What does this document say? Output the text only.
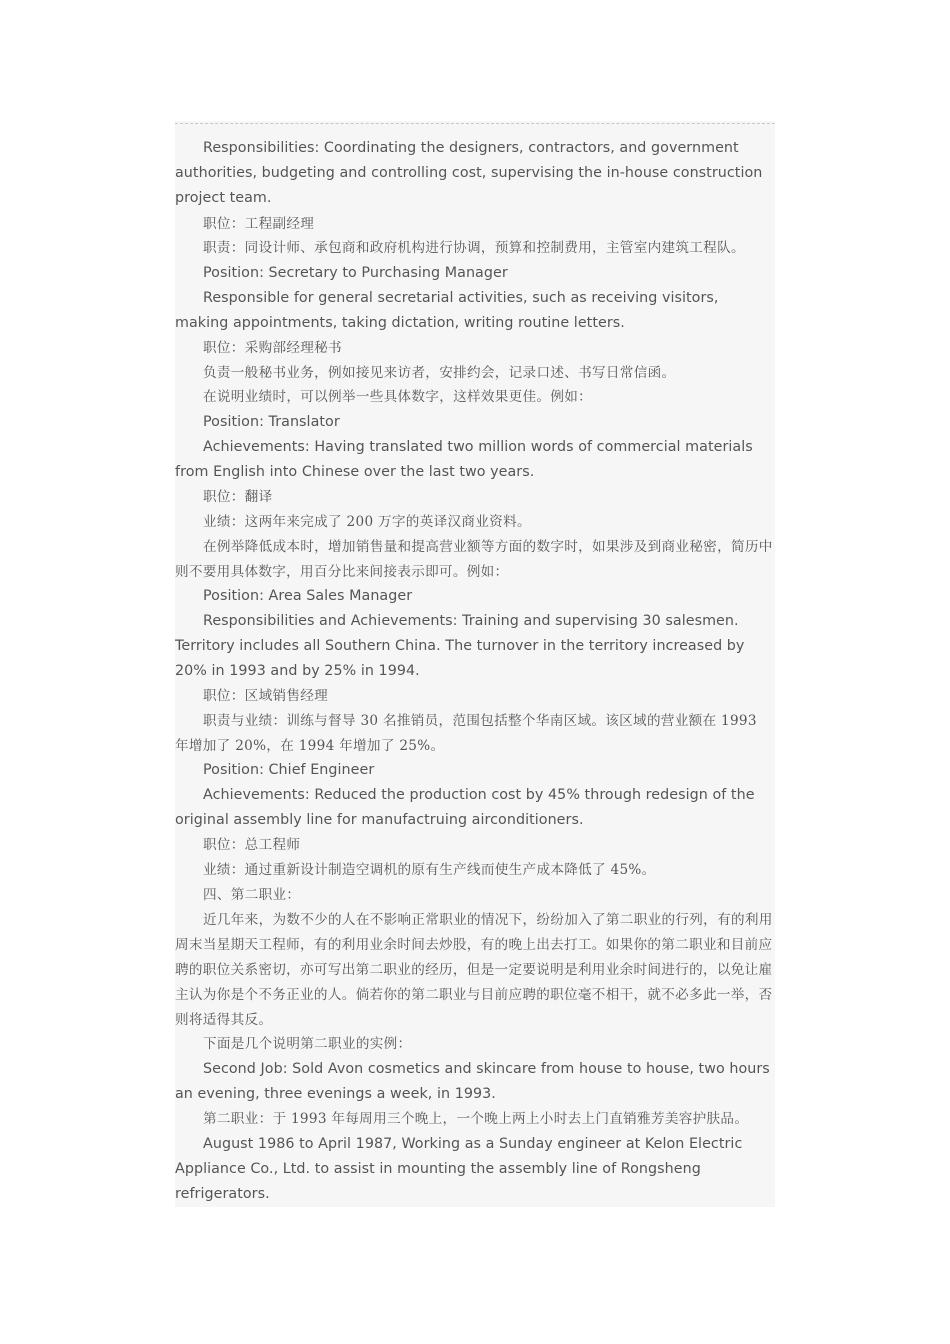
Responsibilities: Coordinating the designers, contractors, and government authorities, budgeting and controlling cost, supervising the in-house construction project team.

职位：工程副经理

职责：同设计师、承包商和政府机构进行协调，预算和控制费用，主管室内建筑工程队。

Position: Secretary to Purchasing Manager

Responsible for general secretarial activities, such as receiving visitors, making appointments, taking dictation, writing routine letters.

职位：采购部经理秘书

负责一般秘书业务，例如接见来访者，安排约会，记录口述、书写日常信函。

在说明业绩时，可以例举一些具体数字，这样效果更佳。例如：

Position: Translator

Achievements: Having translated two million words of commercial materials from English into Chinese over the last two years.

职位：翻译

业绩：这两年来完成了 200 万字的英译汉商业资料。

在例举降低成本时，增加销售量和提高营业额等方面的数字时，如果涉及到商业秘密，简历中则不要用具体数字，用百分比来间接表示即可。例如：

Position: Area Sales Manager

Responsibilities and Achievements: Training and supervising 30 salesmen. Territory includes all Southern China. The turnover in the territory increased by 20% in 1993 and by 25% in 1994.

职位：区域销售经理

职责与业绩：训练与督导 30 名推销员，范围包括整个华南区域。该区域的营业额在 1993 年增加了 20%，在 1994 年增加了 25%。

Position: Chief Engineer

Achievements: Reduced the production cost by 45% through redesign of the original assembly line for manufactruing airconditioners.

职位：总工程师

业绩：通过重新设计制造空调机的原有生产线而使生产成本降低了 45%。

四、第二职业：

近几年来，为数不少的人在不影响正常职业的情况下，纷纷加入了第二职业的行列，有的利用周末当星期天工程师，有的利用业余时间去炒股，有的晚上出去打工。如果你的第二职业和目前应聘的职位关系密切，亦可写出第二职业的经历，但是一定要说明是利用业余时间进行的，以免让雇主认为你是个不务正业的人。倘若你的第二职业与目前应聘的职位毫不相干，就不必多此一举，否则将适得其反。

下面是几个说明第二职业的实例：

Second Job: Sold Avon cosmetics and skincare from house to house, two hours an evening, three evenings a week, in 1993.

第二职业：于 1993 年每周用三个晚上，一个晚上两上小时去上门直销雅芳美容护肤品。

August 1986 to April 1987, Working as a Sunday engineer at Kelon Electric Appliance Co., Ltd. to assist in mounting the assembly line of Rongsheng refrigerators.
